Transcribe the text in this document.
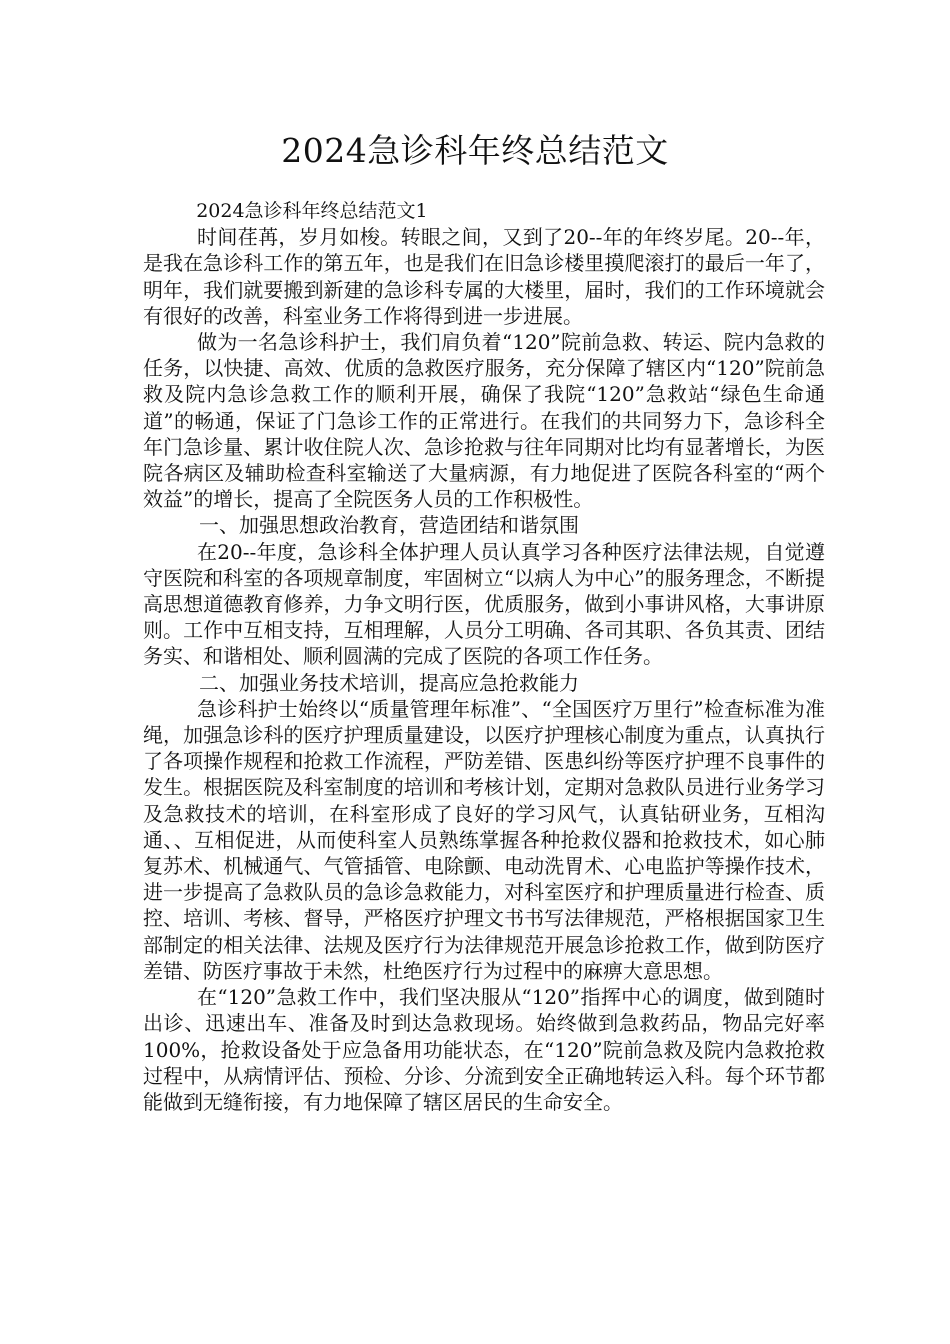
2024急诊科年终总结范文

2024急诊科年终总结范文1

时间荏苒，岁月如梭。转眼之间，又到了20--年的年终岁尾。20--年，是我在急诊科工作的第五年，也是我们在旧急诊楼里摸爬滚打的最后一年了，明年，我们就要搬到新建的急诊科专属的大楼里，届时，我们的工作环境就会有很好的改善，科室业务工作将得到进一步进展。

做为一名急诊科护士，我们肩负着“120”院前急救、转运、院内急救的任务，以快捷、高效、优质的急救医疗服务，充分保障了辖区内“120”院前急救及院内急诊急救工作的顺利开展，确保了我院“120”急救站“绿色生命通道”的畅通，保证了门急诊工作的正常进行。在我们的共同努力下，急诊科全年门急诊量、累计收住院人次、急诊抢救与往年同期对比均有显著增长，为医院各病区及辅助检查科室输送了大量病源，有力地促进了医院各科室的“两个效益”的增长，提高了全院医务人员的工作积极性。

一、加强思想政治教育，营造团结和谐氛围

在20--年度，急诊科全体护理人员认真学习各种医疗法律法规，自觉遵守医院和科室的各项规章制度，牢固树立“以病人为中心”的服务理念，不断提高思想道德教育修养，力争文明行医，优质服务，做到小事讲风格，大事讲原则。工作中互相支持，互相理解，人员分工明确、各司其职、各负其责、团结务实、和谐相处、顺利圆满的完成了医院的各项工作任务。

二、加强业务技术培训，提高应急抢救能力

急诊科护士始终以“质量管理年标准”、“全国医疗万里行”检查标准为准绳，加强急诊科的医疗护理质量建设，以医疗护理核心制度为重点，认真执行了各项操作规程和抢救工作流程，严防差错、医患纠纷等医疗护理不良事件的发生。根据医院及科室制度的培训和考核计划，定期对急救队员进行业务学习及急救技术的培训，在科室形成了良好的学习风气，认真钻研业务，互相沟通、、互相促进，从而使科室人员熟练掌握各种抢救仪器和抢救技术，如心肺复苏术、机械通气、气管插管、电除颤、电动洗胃术、心电监护等操作技术，进一步提高了急救队员的急诊急救能力，对科室医疗和护理质量进行检查、质控、培训、考核、督导，严格医疗护理文书书写法律规范，严格根据国家卫生部制定的相关法律、法规及医疗行为法律规范开展急诊抢救工作，做到防医疗差错、防医疗事故于未然，杜绝医疗行为过程中的麻痹大意思想。

在“120”急救工作中，我们坚决服从“120”指挥中心的调度，做到随时出诊、迅速出车、准备及时到达急救现场。始终做到急救药品，物品完好率100%，抢救设备处于应急备用功能状态，在“120”院前急救及院内急救抢救过程中，从病情评估、预检、分诊、分流到安全正确地转运入科。每个环节都能做到无缝衔接，有力地保障了辖区居民的生命安全。
